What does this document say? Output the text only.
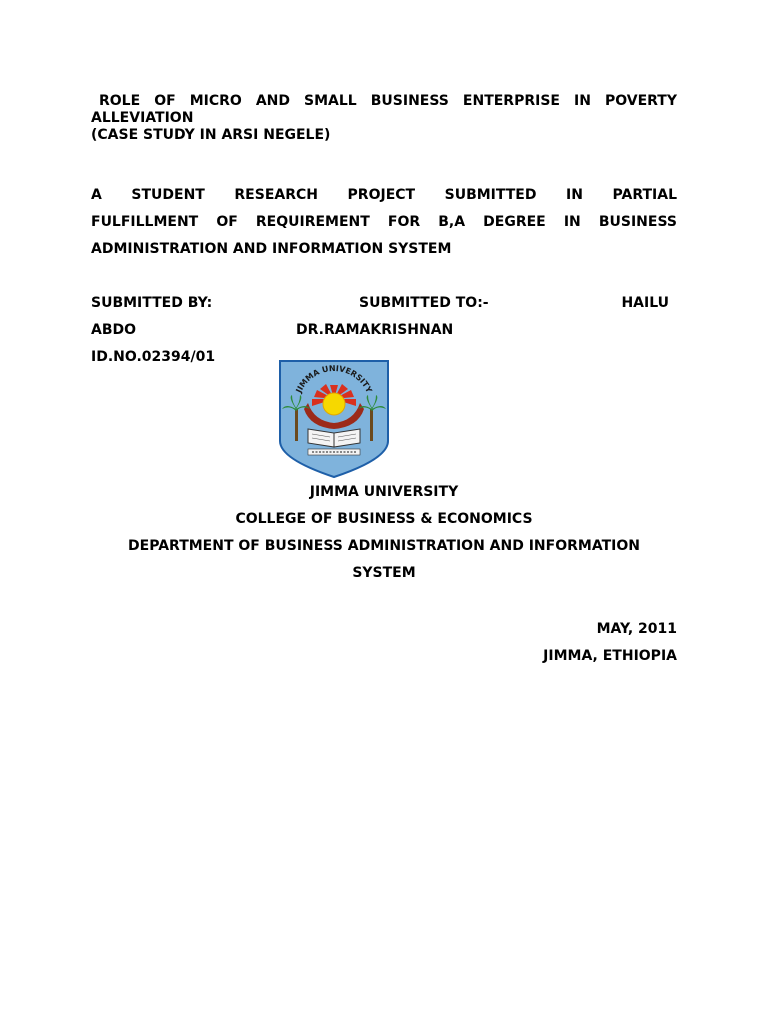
ROLE OF MICRO AND SMALL BUSINESS ENTERPRISE IN POVERTY
ALLEVIATION
(CASE STUDY IN ARSI NEGELE)
A STUDENT RESEARCH PROJECT SUBMITTED IN PARTIAL
FULFILLMENT OF REQUIREMENT FOR B,A DEGREE IN BUSINESS
ADMINISTRATION AND INFORMATION SYSTEM
SUBMITTED BY:	SUBMITTED TO:-	HAILU
ABDO	DR.RAMAKRISHNAN
ID.NO.02394/01
JIMMA UNIVERSITY
JIMMA UNIVERSITY
COLLEGE OF BUSINESS & ECONOMICS
DEPARTMENT OF BUSINESS ADMINISTRATION AND INFORMATION
SYSTEM
MAY, 2011
JIMMA, ETHIOPIA
